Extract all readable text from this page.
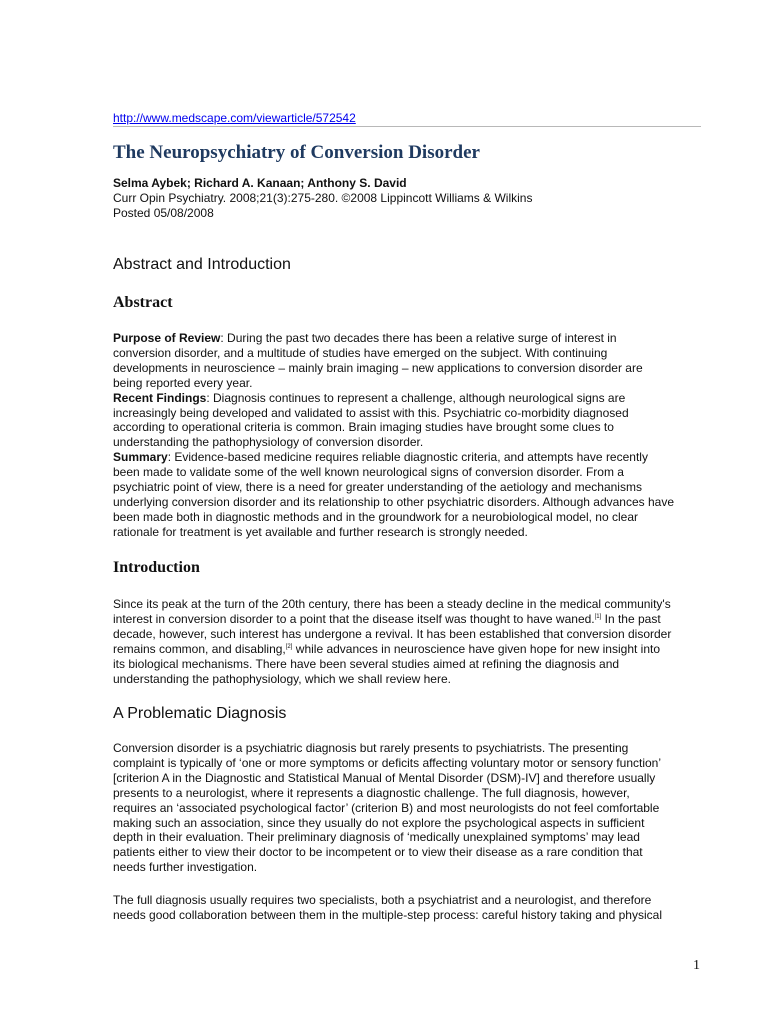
http://www.medscape.com/viewarticle/572542
The Neuropsychiatry of Conversion Disorder
Selma Aybek; Richard A. Kanaan; Anthony S. David
Curr Opin Psychiatry. 2008;21(3):275-280. ©2008 Lippincott Williams & Wilkins
Posted 05/08/2008
Abstract and Introduction
Abstract
Purpose of Review: During the past two decades there has been a relative surge of interest in
conversion disorder, and a multitude of studies have emerged on the subject. With continuing
developments in neuroscience – mainly brain imaging – new applications to conversion disorder are
being reported every year.
Recent Findings: Diagnosis continues to represent a challenge, although neurological signs are
increasingly being developed and validated to assist with this. Psychiatric co-morbidity diagnosed
according to operational criteria is common. Brain imaging studies have brought some clues to
understanding the pathophysiology of conversion disorder.
Summary: Evidence-based medicine requires reliable diagnostic criteria, and attempts have recently
been made to validate some of the well known neurological signs of conversion disorder. From a
psychiatric point of view, there is a need for greater understanding of the aetiology and mechanisms
underlying conversion disorder and its relationship to other psychiatric disorders. Although advances have
been made both in diagnostic methods and in the groundwork for a neurobiological model, no clear
rationale for treatment is yet available and further research is strongly needed.
Introduction
Since its peak at the turn of the 20th century, there has been a steady decline in the medical community's
interest in conversion disorder to a point that the disease itself was thought to have waned.[1] In the past
decade, however, such interest has undergone a revival. It has been established that conversion disorder
remains common, and disabling,[2] while advances in neuroscience have given hope for new insight into
its biological mechanisms. There have been several studies aimed at refining the diagnosis and
understanding the pathophysiology, which we shall review here.
A Problematic Diagnosis
Conversion disorder is a psychiatric diagnosis but rarely presents to psychiatrists. The presenting
complaint is typically of ‘one or more symptoms or deficits affecting voluntary motor or sensory function’
[criterion A in the Diagnostic and Statistical Manual of Mental Disorder (DSM)-IV] and therefore usually
presents to a neurologist, where it represents a diagnostic challenge. The full diagnosis, however,
requires an ‘associated psychological factor’ (criterion B) and most neurologists do not feel comfortable
making such an association, since they usually do not explore the psychological aspects in sufficient
depth in their evaluation. Their preliminary diagnosis of ‘medically unexplained symptoms’ may lead
patients either to view their doctor to be incompetent or to view their disease as a rare condition that
needs further investigation.
The full diagnosis usually requires two specialists, both a psychiatrist and a neurologist, and therefore
needs good collaboration between them in the multiple-step process: careful history taking and physical
1
